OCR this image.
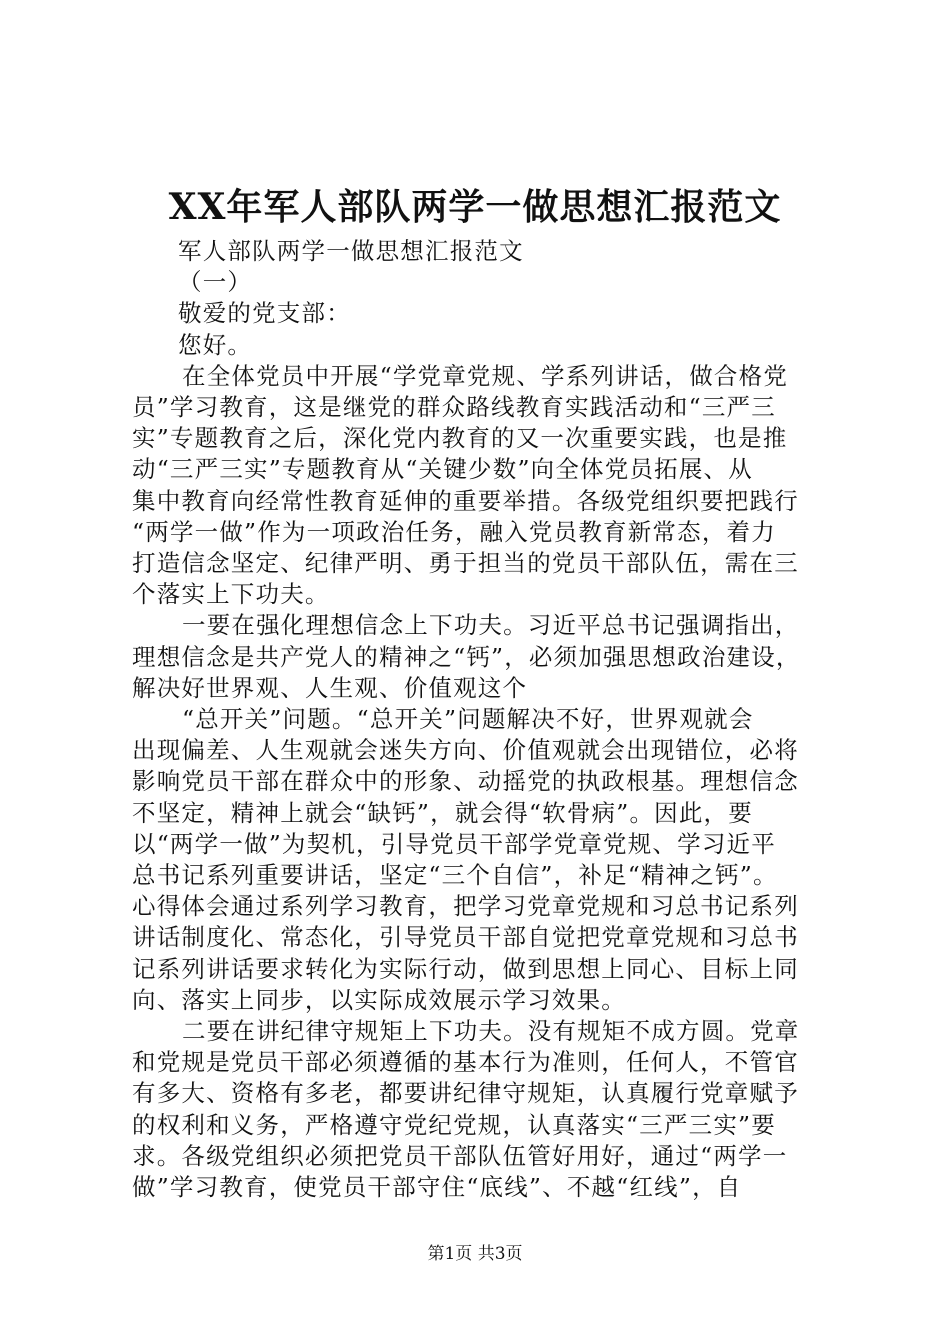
XX年军人部队两学一做思想汇报范文

军人部队两学一做思想汇报范文

（一）

敬爱的党支部：

您好。

在全体党员中开展“学党章党规、学系列讲话，做合格党

员”学习教育，这是继党的群众路线教育实践活动和“三严三

实”专题教育之后，深化党内教育的又一次重要实践，也是推

动“三严三实”专题教育从“关键少数”向全体党员拓展、从

集中教育向经常性教育延伸的重要举措。各级党组织要把践行

“两学一做”作为一项政治任务，融入党员教育新常态，着力

打造信念坚定、纪律严明、勇于担当的党员干部队伍，需在三

个落实上下功夫。

一要在强化理想信念上下功夫。习近平总书记强调指出，

理想信念是共产党人的精神之“钙”，必须加强思想政治建设，

解决好世界观、人生观、价值观这个

“总开关”问题。“总开关”问题解决不好，世界观就会

出现偏差、人生观就会迷失方向、价值观就会出现错位，必将

影响党员干部在群众中的形象、动摇党的执政根基。理想信念

不坚定，精神上就会“缺钙”，就会得“软骨病”。因此，要

以“两学一做”为契机，引导党员干部学党章党规、学习近平

总书记系列重要讲话，坚定“三个自信”，补足“精神之钙”。

心得体会通过系列学习教育，把学习党章党规和习总书记系列

讲话制度化、常态化，引导党员干部自觉把党章党规和习总书

记系列讲话要求转化为实际行动，做到思想上同心、目标上同

向、落实上同步，以实际成效展示学习效果。

二要在讲纪律守规矩上下功夫。没有规矩不成方圆。党章

和党规是党员干部必须遵循的基本行为准则，任何人，不管官

有多大、资格有多老，都要讲纪律守规矩，认真履行党章赋予

的权利和义务，严格遵守党纪党规，认真落实“三严三实”要

求。各级党组织必须把党员干部队伍管好用好，通过“两学一

做”学习教育，使党员干部守住“底线”、不越“红线”，自

第1页 共3页
